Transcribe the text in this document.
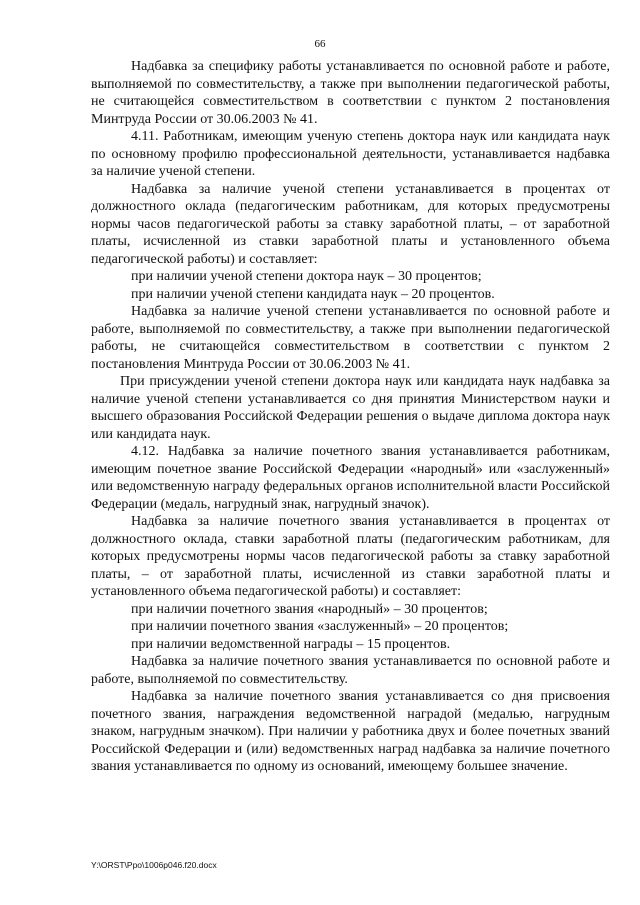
66

Надбавка за специфику работы устанавливается по основной работе и работе, выполняемой по совместительству, а также при выполнении педагогической работы, не считающейся совместительством в соответствии с пунктом 2 постановления Минтруда России от 30.06.2003 № 41.

4.11. Работникам, имеющим ученую степень доктора наук или кандидата наук по основному профилю профессиональной деятельности, устанавливается надбавка за наличие ученой степени.

Надбавка за наличие ученой степени устанавливается в процентах от должностного оклада (педагогическим работникам, для которых предусмотрены нормы часов педагогической работы за ставку заработной платы, – от заработной платы, исчисленной из ставки заработной платы и установленного объема педагогической работы) и составляет:

при наличии ученой степени доктора наук – 30 процентов;

при наличии ученой степени кандидата наук – 20 процентов.

Надбавка за наличие ученой степени устанавливается по основной работе и работе, выполняемой по совместительству, а также при выполнении педагогической работы, не считающейся совместительством в соответствии с пунктом 2 постановления Минтруда России от 30.06.2003 № 41.

При присуждении ученой степени доктора наук или кандидата наук надбавка за наличие ученой степени устанавливается со дня принятия Министерством науки и высшего образования Российской Федерации решения о выдаче диплома доктора наук или кандидата наук.

4.12. Надбавка за наличие почетного звания устанавливается работникам, имеющим почетное звание Российской Федерации «народный» или «заслуженный» или ведомственную награду федеральных органов исполнительной власти Российской Федерации (медаль, нагрудный знак, нагрудный значок).

Надбавка за наличие почетного звания устанавливается в процентах от должностного оклада, ставки заработной платы (педагогическим работникам, для которых предусмотрены нормы часов педагогической работы за ставку заработной платы, – от заработной платы, исчисленной из ставки заработной платы и установленного объема педагогической работы) и составляет:

при наличии почетного звания «народный» – 30 процентов;

при наличии почетного звания «заслуженный» – 20 процентов;

при наличии ведомственной награды – 15 процентов.

Надбавка за наличие почетного звания устанавливается по основной работе и работе, выполняемой по совместительству.

Надбавка за наличие почетного звания устанавливается со дня присвоения почетного звания, награждения ведомственной наградой (медалью, нагрудным знаком, нагрудным значком). При наличии у работника двух и более почетных званий Российской Федерации и (или) ведомственных наград надбавка за наличие почетного звания устанавливается по одному из оснований, имеющему большее значение.

Y:\ORST\Ppo\1006p046.f20.docx
